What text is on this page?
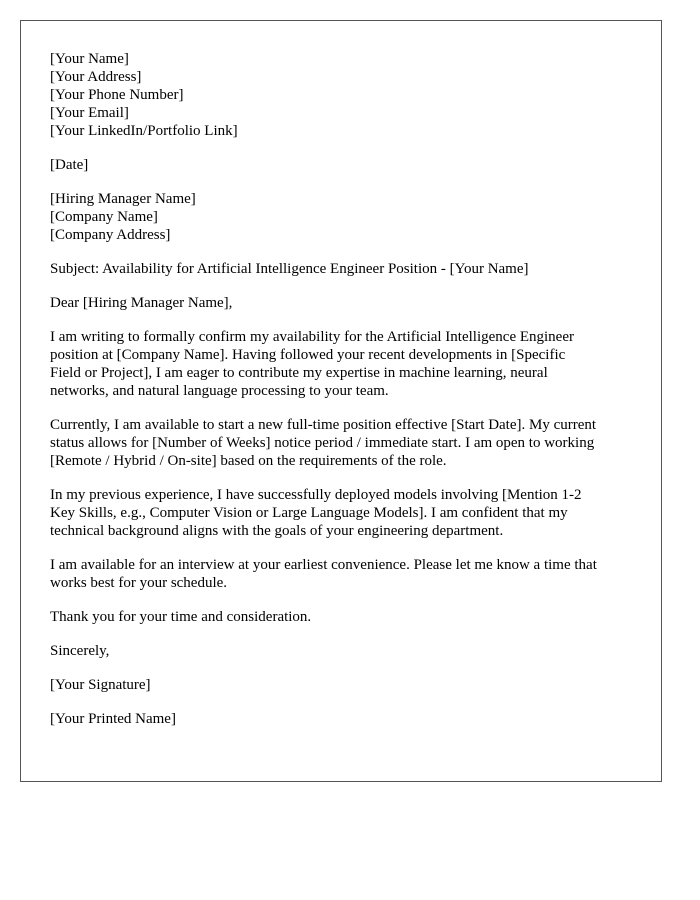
[Your Name]
[Your Address]
[Your Phone Number]
[Your Email]
[Your LinkedIn/Portfolio Link]
[Date]
[Hiring Manager Name]
[Company Name]
[Company Address]
Subject: Availability for Artificial Intelligence Engineer Position - [Your Name]
Dear [Hiring Manager Name],
I am writing to formally confirm my availability for the Artificial Intelligence Engineer
position at [Company Name]. Having followed your recent developments in [Specific
Field or Project], I am eager to contribute my expertise in machine learning, neural
networks, and natural language processing to your team.
Currently, I am available to start a new full-time position effective [Start Date]. My current
status allows for [Number of Weeks] notice period / immediate start. I am open to working
[Remote / Hybrid / On-site] based on the requirements of the role.
In my previous experience, I have successfully deployed models involving [Mention 1-2
Key Skills, e.g., Computer Vision or Large Language Models]. I am confident that my
technical background aligns with the goals of your engineering department.
I am available for an interview at your earliest convenience. Please let me know a time that
works best for your schedule.
Thank you for your time and consideration.
Sincerely,
[Your Signature]
[Your Printed Name]
